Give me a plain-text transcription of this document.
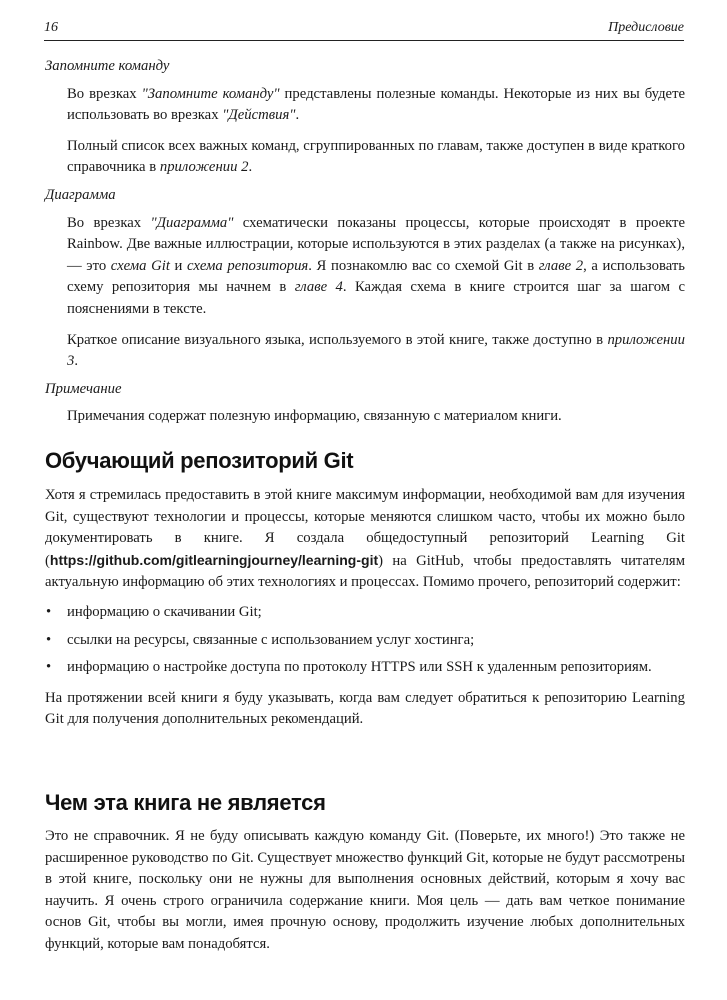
16	Предисловие
Запомните команду

Во врезках "Запомните команду" представлены полезные команды. Некоторые из них вы будете использовать во врезках "Действия".

Полный список всех важных команд, сгруппированных по главам, также доступен в виде краткого справочника в приложении 2.

Диаграмма

Во врезках "Диаграмма" схематически показаны процессы, которые происходят в проекте Rainbow. Две важные иллюстрации, которые используются в этих разделах (а также на рисунках), — это схема Git и схема репозитория. Я познакомлю вас со схемой Git в главе 2, а использовать схему репозитория мы начнем в главе 4. Каждая схема в книге строится шаг за шагом с пояснениями в тексте.

Краткое описание визуального языка, используемого в этой книге, также доступно в приложении 3.

Примечание

Примечания содержат полезную информацию, связанную с материалом книги.

Обучающий репозиторий Git

Хотя я стремилась предоставить в этой книге максимум информации, необходимой вам для изучения Git, существуют технологии и процессы, которые меняются слишком часто, чтобы их можно было документировать в книге. Я создала общедоступный репозиторий Learning Git (https://github.com/gitlearningjourney/learning-git) на GitHub, чтобы предоставлять читателям актуальную информацию об этих технологиях и процессах. Помимо прочего, репозиторий содержит:

• информацию о скачивании Git;
• ссылки на ресурсы, связанные с использованием услуг хостинга;
• информацию о настройке доступа по протоколу HTTPS или SSH к удаленным репозиториям.

На протяжении всей книги я буду указывать, когда вам следует обратиться к репозиторию Learning Git для получения дополнительных рекомендаций.

Чем эта книга не является

Это не справочник. Я не буду описывать каждую команду Git. (Поверьте, их много!) Это также не расширенное руководство по Git. Существует множество функций Git, которые не будут рассмотрены в этой книге, поскольку они не нужны для выполнения основных действий, которым я хочу вас научить. Я очень строго ограничила содержание книги. Моя цель — дать вам четкое понимание основ Git, чтобы вы могли, имея прочную основу, продолжить изучение любых дополнительных функций, которые вам понадобятся.
